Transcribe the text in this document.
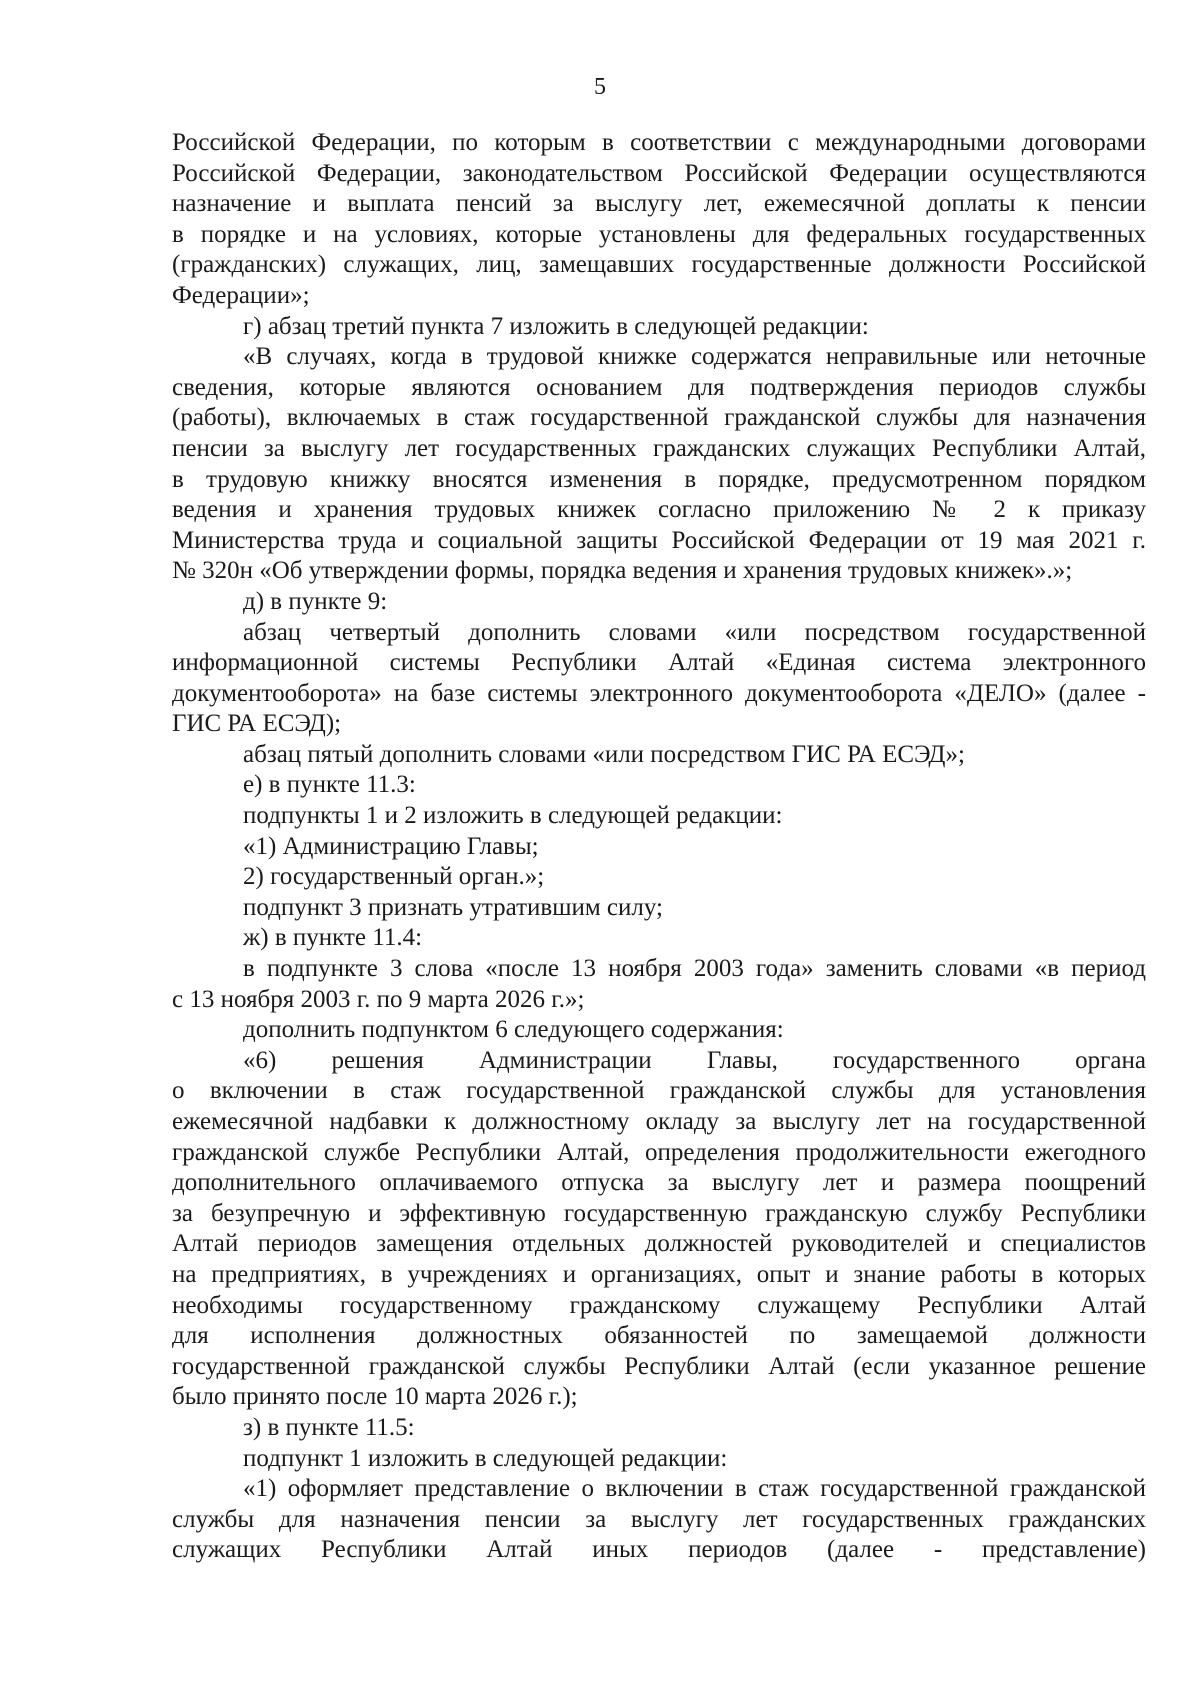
5
Российской Федерации, по которым в соответствии с международными договорами
Российской Федерации, законодательством Российской Федерации осуществляются
назначение и выплата пенсий за выслугу лет, ежемесячной доплаты к пенсии
в порядке и на условиях, которые установлены для федеральных государственных
(гражданских) служащих, лиц, замещавших государственные должности Российской
Федерации»;
г) абзац третий пункта 7 изложить в следующей редакции:
«В случаях, когда в трудовой книжке содержатся неправильные или неточные
сведения, которые являются основанием для подтверждения периодов службы
(работы), включаемых в стаж государственной гражданской службы для назначения
пенсии за выслугу лет государственных гражданских служащих Республики Алтай,
в трудовую книжку вносятся изменения в порядке, предусмотренном порядком
ведения и хранения трудовых книжек согласно приложению № 2 к приказу
Министерства труда и социальной защиты Российской Федерации от 19 мая 2021 г.
№ 320н «Об утверждении формы, порядка ведения и хранения трудовых книжек».»;
д) в пункте 9:
абзац четвертый дополнить словами «или посредством государственной
информационной системы Республики Алтай «Единая система электронного
документооборота» на базе системы электронного документооборота «ДЕЛО» (далее -
ГИС РА ЕСЭД);
абзац пятый дополнить словами «или посредством ГИС РА ЕСЭД»;
е) в пункте 11.3:
подпункты 1 и 2 изложить в следующей редакции:
«1) Администрацию Главы;
2) государственный орган.»;
подпункт 3 признать утратившим силу;
ж) в пункте 11.4:
в подпункте 3 слова «после 13 ноября 2003 года» заменить словами «в период
с 13 ноября 2003 г. по 9 марта 2026 г.»;
дополнить подпунктом 6 следующего содержания:
«6) решения Администрации Главы, государственного органа
о включении в стаж государственной гражданской службы для установления
ежемесячной надбавки к должностному окладу за выслугу лет на государственной
гражданской службе Республики Алтай, определения продолжительности ежегодного
дополнительного оплачиваемого отпуска за выслугу лет и размера поощрений
за безупречную и эффективную государственную гражданскую службу Республики
Алтай периодов замещения отдельных должностей руководителей и специалистов
на предприятиях, в учреждениях и организациях, опыт и знание работы в которых
необходимы государственному гражданскому служащему Республики Алтай
для исполнения должностных обязанностей по замещаемой должности
государственной гражданской службы Республики Алтай (если указанное решение
было принято после 10 марта 2026 г.);
з) в пункте 11.5:
подпункт 1 изложить в следующей редакции:
«1) оформляет представление о включении в стаж государственной гражданской
службы для назначения пенсии за выслугу лет государственных гражданских
служащих Республики Алтай иных периодов (далее - представление)
